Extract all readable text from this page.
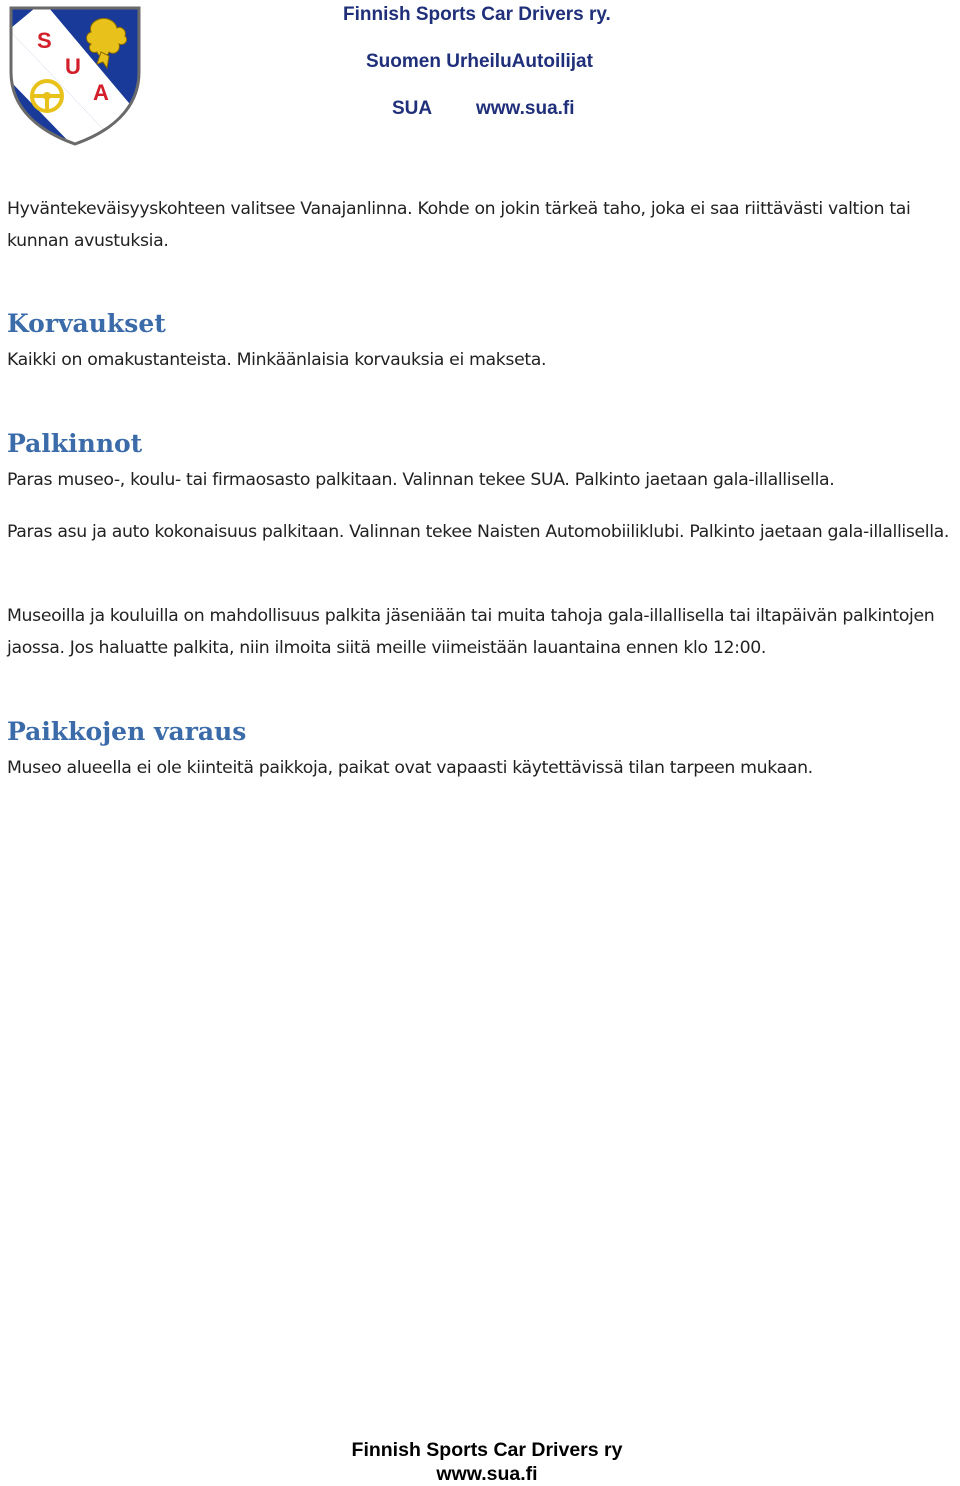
S
U
A
Finnish Sports Car Drivers ry.
Suomen UrheiluAutoilijat
SUA www.sua.fi
Hyväntekeväisyyskohteen valitsee Vanajanlinna. Kohde on jokin tärkeä taho, joka ei saa riittävästi valtion tai kunnan avustuksia.
Korvaukset
Kaikki on omakustanteista. Minkäänlaisia korvauksia ei makseta.
Palkinnot
Paras museo-, koulu- tai firmaosasto palkitaan. Valinnan tekee SUA. Palkinto jaetaan gala-illallisella.
Paras asu ja auto kokonaisuus palkitaan. Valinnan tekee Naisten Automobiiliklubi. Palkinto jaetaan gala-illallisella.
Museoilla ja kouluilla on mahdollisuus palkita jäseniään tai muita tahoja gala-illallisella tai iltapäivän palkintojen jaossa. Jos haluatte palkita, niin ilmoita siitä meille viimeistään lauantaina ennen klo 12:00.
Paikkojen varaus
Museo alueella ei ole kiinteitä paikkoja, paikat ovat vapaasti käytettävissä tilan tarpeen mukaan.
Finnish Sports Car Drivers ry
www.sua.fi
